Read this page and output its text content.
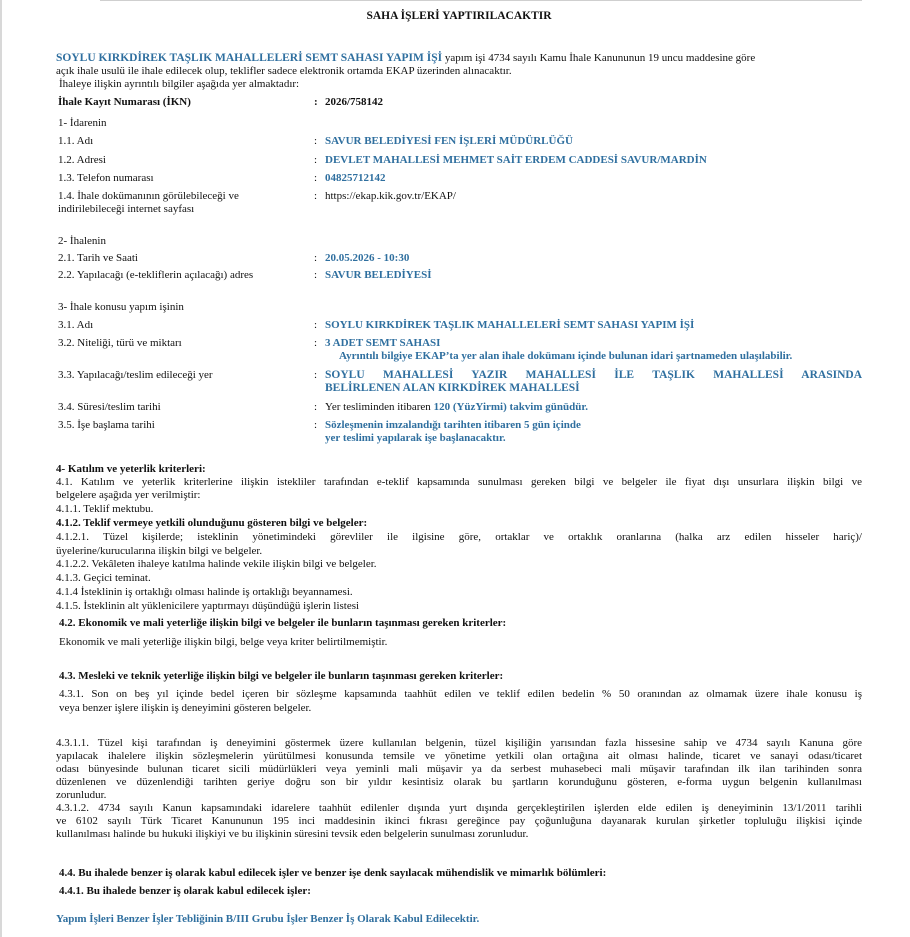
SAHA İŞLERİ YAPTIRILACAKTIR
SOYLU KIRKDİREK TAŞLIK MAHALLELERİ SEMT SAHASI YAPIM İŞİ yapım işi 4734 sayılı Kamu İhale Kanununun 19 uncu maddesine göre
açık ihale usulü ile ihale edilecek olup, teklifler sadece elektronik ortamda EKAP üzerinden alınacaktır.
İhaleye ilişkin ayrıntılı bilgiler aşağıda yer almaktadır:
İhale Kayıt Numarası (İKN)	: 2026/758142
1- İdarenin
1.1. Adı	: SAVUR BELEDİYESİ FEN İŞLERİ MÜDÜRLÜĞÜ
1.2. Adresi	: DEVLET MAHALLESİ MEHMET SAİT ERDEM CADDESİ SAVUR/MARDİN
1.3. Telefon numarası	: 04825712142
1.4. İhale dokümanının görülebileceği ve
indirilebileceği internet sayfası
: https://ekap.kik.gov.tr/EKAP/
2- İhalenin
2.1. Tarih ve Saati	: 20.05.2026 - 10:30
2.2. Yapılacağı (e-tekliflerin açılacağı) adres	: SAVUR BELEDİYESİ
3- İhale konusu yapım işinin
3.1. Adı	: SOYLU KIRKDİREK TAŞLIK MAHALLELERİ SEMT SAHASI YAPIM İŞİ
3.2. Niteliği, türü ve miktarı	: 3 ADET SEMT SAHASI
Ayrıntılı bilgiye EKAP’ta yer alan ihale dokümanı içinde bulunan idari şartnameden ulaşılabilir.
3.3. Yapılacağı/teslim edileceği yer	: SOYLU MAHALLESİ YAZIR MAHALLESİ İLE TAŞLIK MAHALLESİ ARASINDA
BELİRLENEN ALAN KIRKDİREK MAHALLESİ
3.4. Süresi/teslim tarihi	: Yer tesliminden itibaren 120 (YüzYirmi) takvim günüdür.
3.5. İşe başlama tarihi	: Sözleşmenin imzalandığı tarihten itibaren 5 gün içinde
yer teslimi yapılarak işe başlanacaktır.
4- Katılım ve yeterlik kriterleri:
4.1. Katılım ve yeterlik kriterlerine ilişkin istekliler tarafından e-teklif kapsamında sunulması gereken bilgi ve belgeler ile fiyat dışı unsurlara ilişkin bilgi ve
belgelere aşağıda yer verilmiştir:
4.1.1. Teklif mektubu.
4.1.2. Teklif vermeye yetkili olunduğunu gösteren bilgi ve belgeler:
4.1.2.1. Tüzel kişilerde; isteklinin yönetimindeki görevliler ile ilgisine göre, ortaklar ve ortaklık oranlarına (halka arz edilen hisseler hariç)/
üyelerine/kurucularına ilişkin bilgi ve belgeler.
4.1.2.2. Vekâleten ihaleye katılma halinde vekile ilişkin bilgi ve belgeler.
4.1.3. Geçici teminat.
4.1.4 İsteklinin iş ortaklığı olması halinde iş ortaklığı beyannamesi.
4.1.5. İsteklinin alt yüklenicilere yaptırmayı düşündüğü işlerin listesi
4.2. Ekonomik ve mali yeterliğe ilişkin bilgi ve belgeler ile bunların taşınması gereken kriterler:
Ekonomik ve mali yeterliğe ilişkin bilgi, belge veya kriter belirtilmemiştir.
4.3. Mesleki ve teknik yeterliğe ilişkin bilgi ve belgeler ile bunların taşınması gereken kriterler:
4.3.1. Son on beş yıl içinde bedel içeren bir sözleşme kapsamında taahhüt edilen ve teklif edilen bedelin % 50 oranından az olmamak üzere ihale konusu iş
veya benzer işlere ilişkin iş deneyimini gösteren belgeler.
4.3.1.1. Tüzel kişi tarafından iş deneyimini göstermek üzere kullanılan belgenin, tüzel kişiliğin yarısından fazla hissesine sahip ve 4734 sayılı Kanuna göre
yapılacak ihalelere ilişkin sözleşmelerin yürütülmesi konusunda temsile ve yönetime yetkili olan ortağına ait olması halinde, ticaret ve sanayi odası/ticaret
odası bünyesinde bulunan ticaret sicili müdürlükleri veya yeminli mali müşavir ya da serbest muhasebeci mali müşavir tarafından ilk ilan tarihinden sonra
düzenlenen ve düzenlendiği tarihten geriye doğru son bir yıldır kesintisiz olarak bu şartların korunduğunu gösteren, e-forma uygun belgenin kullanılması
zorunludur.
4.3.1.2. 4734 sayılı Kanun kapsamındaki idarelere taahhüt edilenler dışında yurt dışında gerçekleştirilen işlerden elde edilen iş deneyiminin 13/1/2011 tarihli
ve 6102 sayılı Türk Ticaret Kanununun 195 inci maddesinin ikinci fıkrası gereğince pay çoğunluğuna dayanarak kurulan şirketler topluluğu ilişkisi içinde
kullanılması halinde bu hukuki ilişkiyi ve bu ilişkinin süresini tevsik eden belgelerin sunulması zorunludur.
4.4. Bu ihalede benzer iş olarak kabul edilecek işler ve benzer işe denk sayılacak mühendislik ve mimarlık bölümleri:
4.4.1. Bu ihalede benzer iş olarak kabul edilecek işler:
Yapım İşleri Benzer İşler Tebliğinin B/III Grubu İşler Benzer İş Olarak Kabul Edilecektir.
